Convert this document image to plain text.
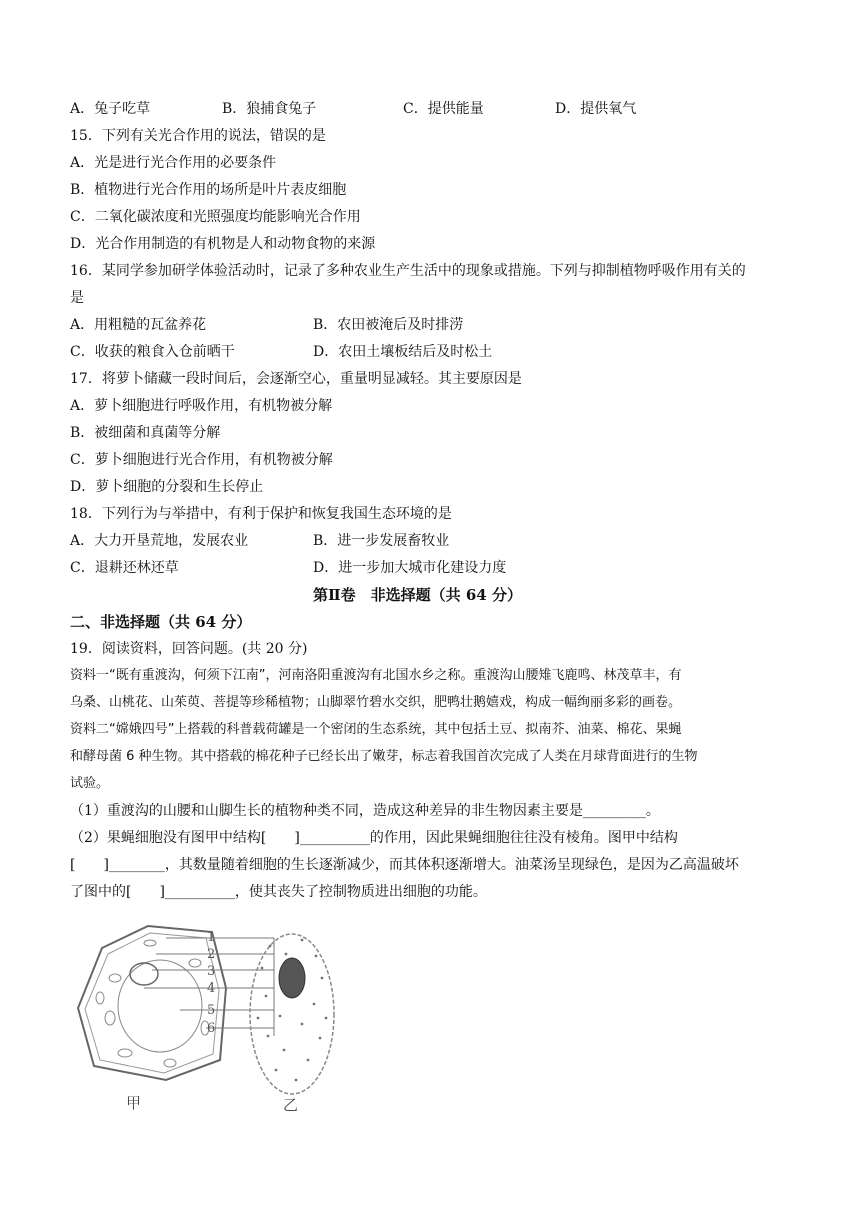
A．兔子吃草	B．狼捕食兔子	C．提供能量	D．提供氧气
15．下列有关光合作用的说法，错误的是
A．光是进行光合作用的必要条件
B．植物进行光合作用的场所是叶片表皮细胞
C．二氧化碳浓度和光照强度均能影响光合作用
D．光合作用制造的有机物是人和动物食物的来源
16．某同学参加研学体验活动时，记录了多种农业生产生活中的现象或措施。下列与抑制植物呼吸作用有关的
是
A．用粗糙的瓦盆养花	B．农田被淹后及时排涝
C．收获的粮食入仓前晒干	D．农田土壤板结后及时松土
17．将萝卜储藏一段时间后，会逐渐空心，重量明显减轻。其主要原因是
A．萝卜细胞进行呼吸作用，有机物被分解
B．被细菌和真菌等分解
C．萝卜细胞进行光合作用，有机物被分解
D．萝卜细胞的分裂和生长停止
18．下列行为与举措中，有利于保护和恢复我国生态环境的是
A．大力开垦荒地，发展农业	B．进一步发展畜牧业
C．退耕还林还草	D．进一步加大城市化建设力度
第Ⅱ卷　非选择题（共 64 分）
二、非选择题（共 64 分）
19．阅读资料，回答问题。(共 20 分)
资料一“既有重渡沟，何须下江南”，河南洛阳重渡沟有北国水乡之称。重渡沟山腰雉飞鹿鸣、林茂草丰，有
乌桑、山桃花、山茱萸、菩提等珍稀植物；山脚翠竹碧水交织，肥鸭壮鹅嬉戏，构成一幅绚丽多彩的画卷。
资料二“嫦娥四号”上搭载的科普载荷罐是一个密闭的生态系统，其中包括土豆、拟南芥、油菜、棉花、果蝇
和酵母菌 6 种生物。其中搭载的棉花种子已经长出了嫩芽，标志着我国首次完成了人类在月球背面进行的生物
试验。
（1）重渡沟的山腰和山脚生长的植物种类不同，造成这种差异的非生物因素主要是_________。
（2）果蝇细胞没有图甲中结构[　　]__________的作用，因此果蝇细胞往往没有棱角。图甲中结构
[　　]________，其数量随着细胞的生长逐渐减少，而其体积逐渐增大。油菜汤呈现绿色，是因为乙高温破坏
了图中的[　　]__________，使其丧失了控制物质进出细胞的功能。
1
2
3
4
5
6
甲	乙
